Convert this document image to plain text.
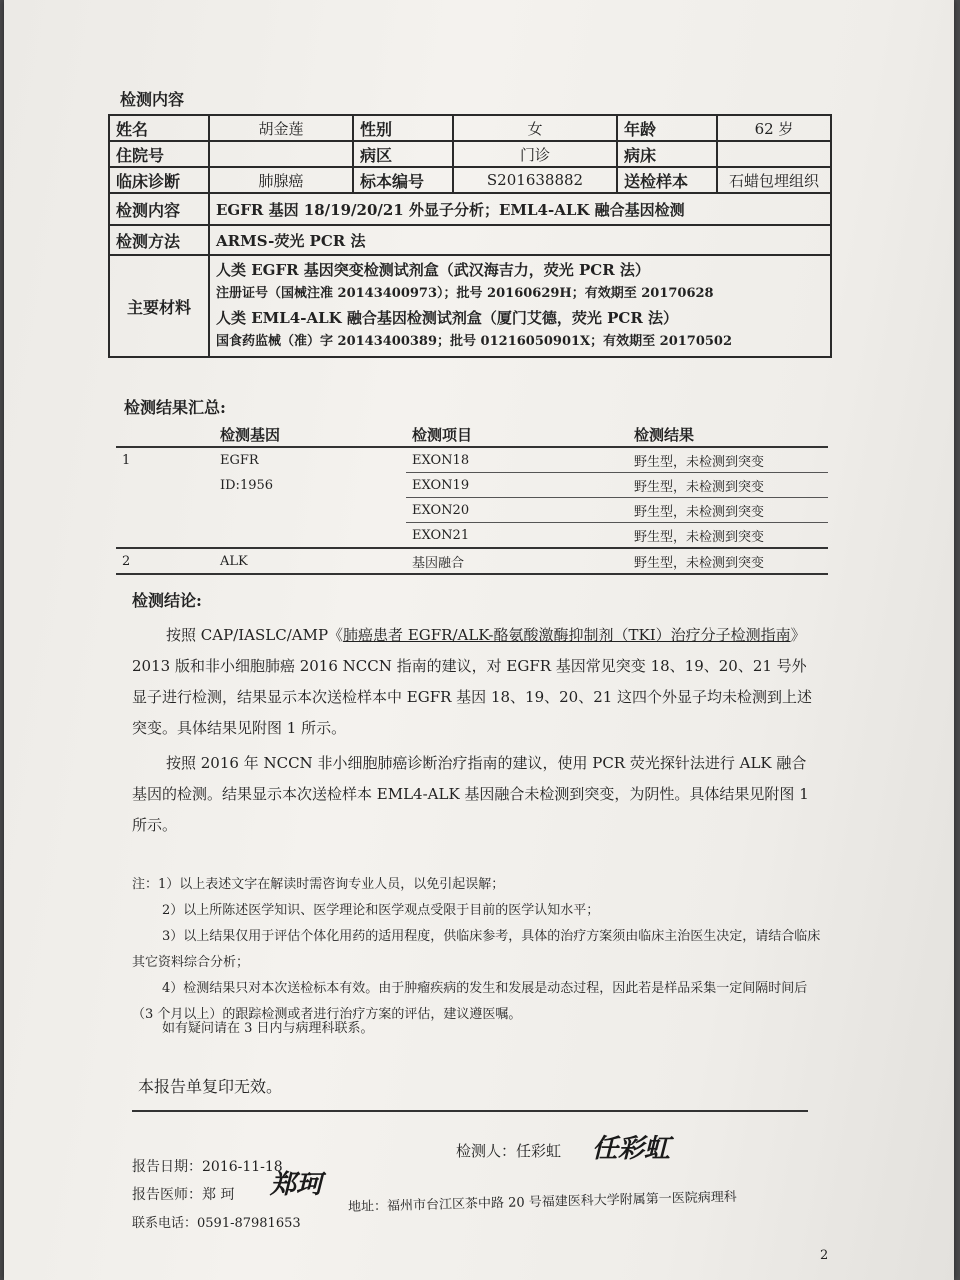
检测内容
姓名	胡金莲	性别	女	年龄	62 岁
住院号		病区	门诊	病床	
临床诊断	肺腺癌	标本编号	S201638882	送检样本	石蜡包埋组织
检测内容	EGFR 基因 18/19/20/21 外显子分析；EML4-ALK 融合基因检测				
检测方法	ARMS-荧光 PCR 法				
主要材料	人类 EGFR 基因突变检测试剂盒（武汉海吉力，荧光 PCR 法）
注册证号（国械注准 20143400973）；批号 20160629H；有效期至 20170628
人类 EML4-ALK 融合基因检测试剂盒（厦门艾德，荧光 PCR 法）
国食药监械（准）字 20143400389；批号 01216050901X；有效期至 20170502				
检测结果汇总:
	检测基因	检测项目	检测结果
1	EGFR	EXON18	野生型，未检测到突变
	ID:1956	EXON19	野生型，未检测到突变
		EXON20	野生型，未检测到突变
		EXON21	野生型，未检测到突变
2	ALK	基因融合	野生型，未检测到突变
检测结论:
按照 CAP/IASLC/AMP《肺癌患者 EGFR/ALK-酪氨酸激酶抑制剂（TKI）治疗分子检测指南》2013 版和非小细胞肺癌 2016 NCCN 指南的建议，对 EGFR 基因常见突变 18、19、20、21 号外显子进行检测，结果显示本次送检样本中 EGFR 基因 18、19、20、21 这四个外显子均未检测到上述突变。具体结果见附图 1 所示。
按照 2016 年 NCCN 非小细胞肺癌诊断治疗指南的建议，使用 PCR 荧光探针法进行 ALK 融合基因的检测。结果显示本次送检样本 EML4-ALK 基因融合未检测到突变，为阴性。具体结果见附图 1 所示。
注：1）以上表述文字在解读时需咨询专业人员，以免引起误解；
2）以上所陈述医学知识、医学理论和医学观点受限于目前的医学认知水平；
3）以上结果仅用于评估个体化用药的适用程度，供临床参考，具体的治疗方案须由临床主治医生决定，请结合临床其它资料综合分析；
4）检测结果只对本次送检标本有效。由于肿瘤疾病的发生和发展是动态过程，因此若是样品采集一定间隔时间后（3 个月以上）的跟踪检测或者进行治疗方案的评估，建议遵医嘱。
如有疑问请在 3 日内与病理科联系。
本报告单复印无效。
检测人：任彩虹 任彩虹
报告日期：2016-11-18
报告医师：郑 珂 郑珂
联系电话：0591-87981653
地址：福州市台江区茶中路 20 号福建医科大学附属第一医院病理科
2
